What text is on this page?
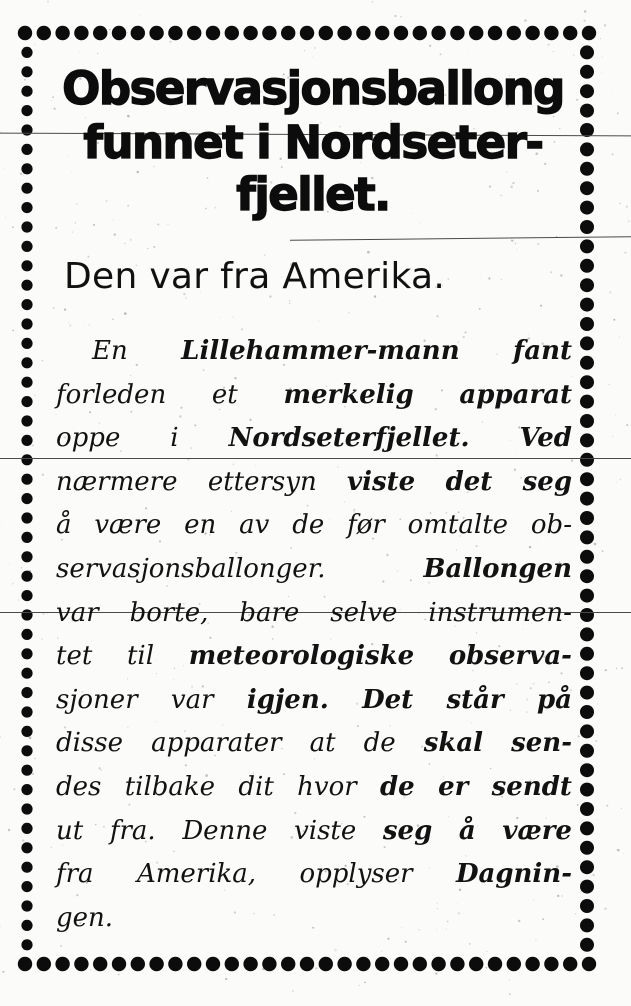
Observasjonsballong
funnet i Nordseter-
fjellet.
Den var fra Amerika.
En Lillehammer-mann fant
forleden et merkelig apparat
oppe i Nordseterfjellet. Ved
nærmere ettersyn viste det seg
å være en av de før omtalte ob-
servasjonsballonger.	Ballongen
var borte, bare selve instrumen-
tet til meteorologiske observa-
sjoner var igjen. Det står på
disse apparater at de skal sen-
des tilbake dit hvor de er sendt
ut fra. Denne viste seg å være
fra Amerika, opplyser Dagnin-
gen.
